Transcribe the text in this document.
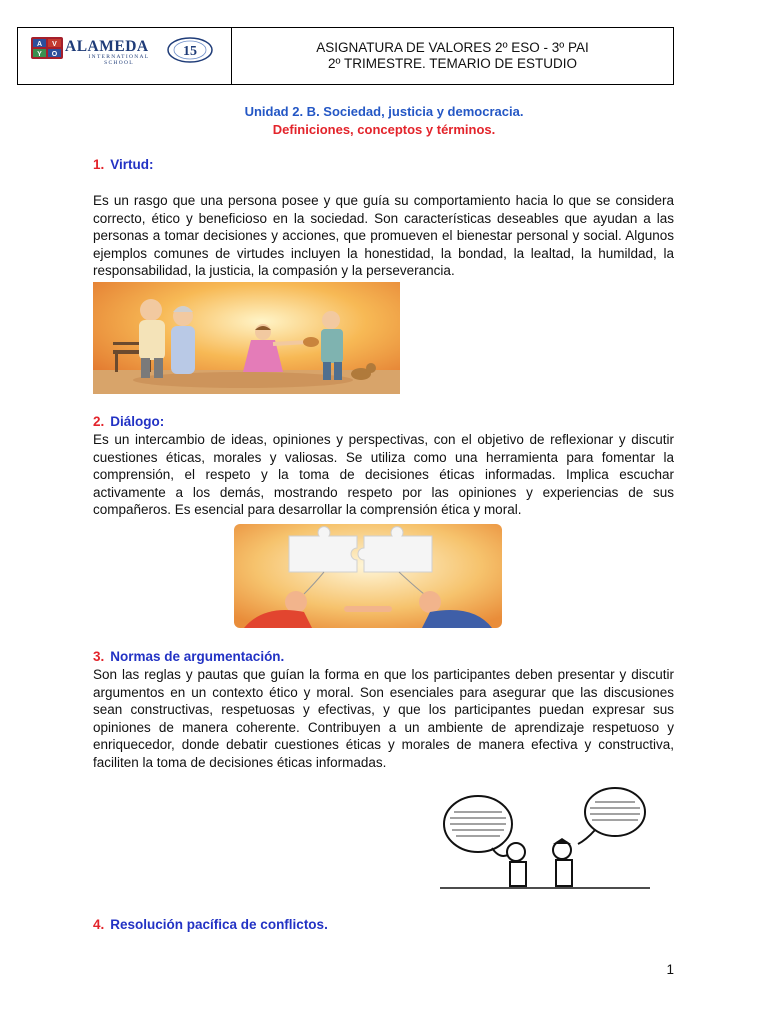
A V
Y O ALAMEDA
INTERNATIONAL
SCHOOL
15	ASIGNATURA DE VALORES 2º ESO - 3º PAI
2º TRIMESTRE. TEMARIO DE ESTUDIO
Unidad 2. B. Sociedad, justicia y democracia.
Definiciones, conceptos y términos.
1. Virtud:

Es un rasgo que una persona posee y que guía su comportamiento hacia lo que se considera correcto, ético y beneficioso en la sociedad. Son características deseables que ayudan a las personas a tomar decisiones y acciones, que promueven el bienestar personal y social. Algunos ejemplos comunes de virtudes incluyen la honestidad, la bondad, la lealtad, la humildad, la responsabilidad, la justicia, la compasión y la perseverancia.

2. Diálogo:

Es un intercambio de ideas, opiniones y perspectivas, con el objetivo de reflexionar y discutir cuestiones éticas, morales y valiosas. Se utiliza como una herramienta para fomentar la comprensión, el respeto y la toma de decisiones éticas informadas. Implica escuchar activamente a los demás, mostrando respeto por las opiniones y experiencias de sus compañeros. Es esencial para desarrollar la comprensión ética y moral.

3. Normas de argumentación.

Son las reglas y pautas que guían la forma en que los participantes deben presentar y discutir argumentos en un contexto ético y moral. Son esenciales para asegurar que las discusiones sean constructivas, respetuosas y efectivas, y que los participantes puedan expresar sus opiniones de manera coherente. Contribuyen a un ambiente de aprendizaje respetuoso y enriquecedor, donde debatir cuestiones éticas y morales de manera efectiva y constructiva, faciliten la toma de decisiones éticas informadas.

4. Resolución pacífica de conflictos.
1
